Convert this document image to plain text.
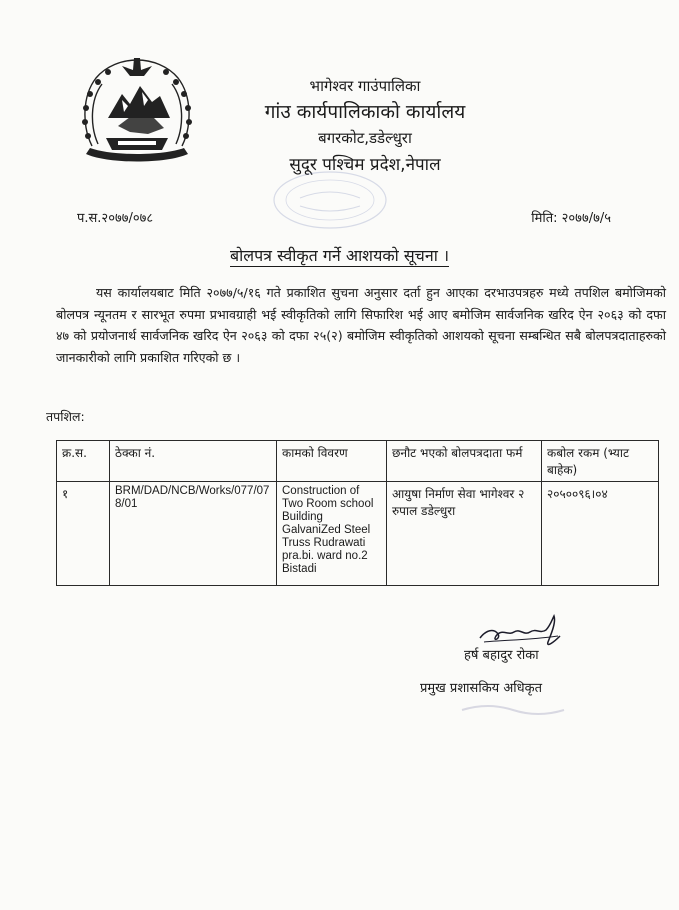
भागेश्वर गाउंपालिका
गांउ कार्यपालिकाको कार्यालय
बगरकोट,डडेल्धुरा
सुदूर पश्चिम प्रदेश,नेपाल
प.स.२०७७/०७८	मिति: २०७७/७/५
बोलपत्र स्वीकृत गर्ने आशयको सूचना ।
यस कार्यालयबाट मिति २०७७/५/१६ गते प्रकाशित सुचना अनुसार दर्ता हुन आएका दरभाउपत्रहरु मध्ये तपशिल बमोजिमको बोलपत्र न्यूनतम र सारभूत रुपमा प्रभावग्राही भई स्वीकृतिको लागि सिफारिश भई आए बमोजिम सार्वजनिक खरिद ऐन २०६३ को दफा ४७ को प्रयोजनार्थ सार्वजनिक खरिद ऐन २०६३ को दफा २५(२) बमोजिम स्वीकृतिको आशयको सूचना सम्बन्धित सबै बोलपत्रदाताहरुको जानकारीको लागि प्रकाशित गरिएको छ ।
तपशिल:
क्र.स.	ठेक्का नं.	कामको विवरण	छनौट भएको बोलपत्रदाता फर्म	कबोल रकम (भ्याट बाहेक)
१	BRM/DAD/NCB/Works/077/078/01	Construction of Two Room school Building GalvaniZed Steel Truss Rudrawati pra.bi. ward no.2 Bistadi	आयुषा निर्माण सेवा भागेश्वर २ रुपाल डडेल्धुरा	२०५००९६।०४
हर्ष बहादुर रोका
प्रमुख प्रशासकिय अधिकृत
